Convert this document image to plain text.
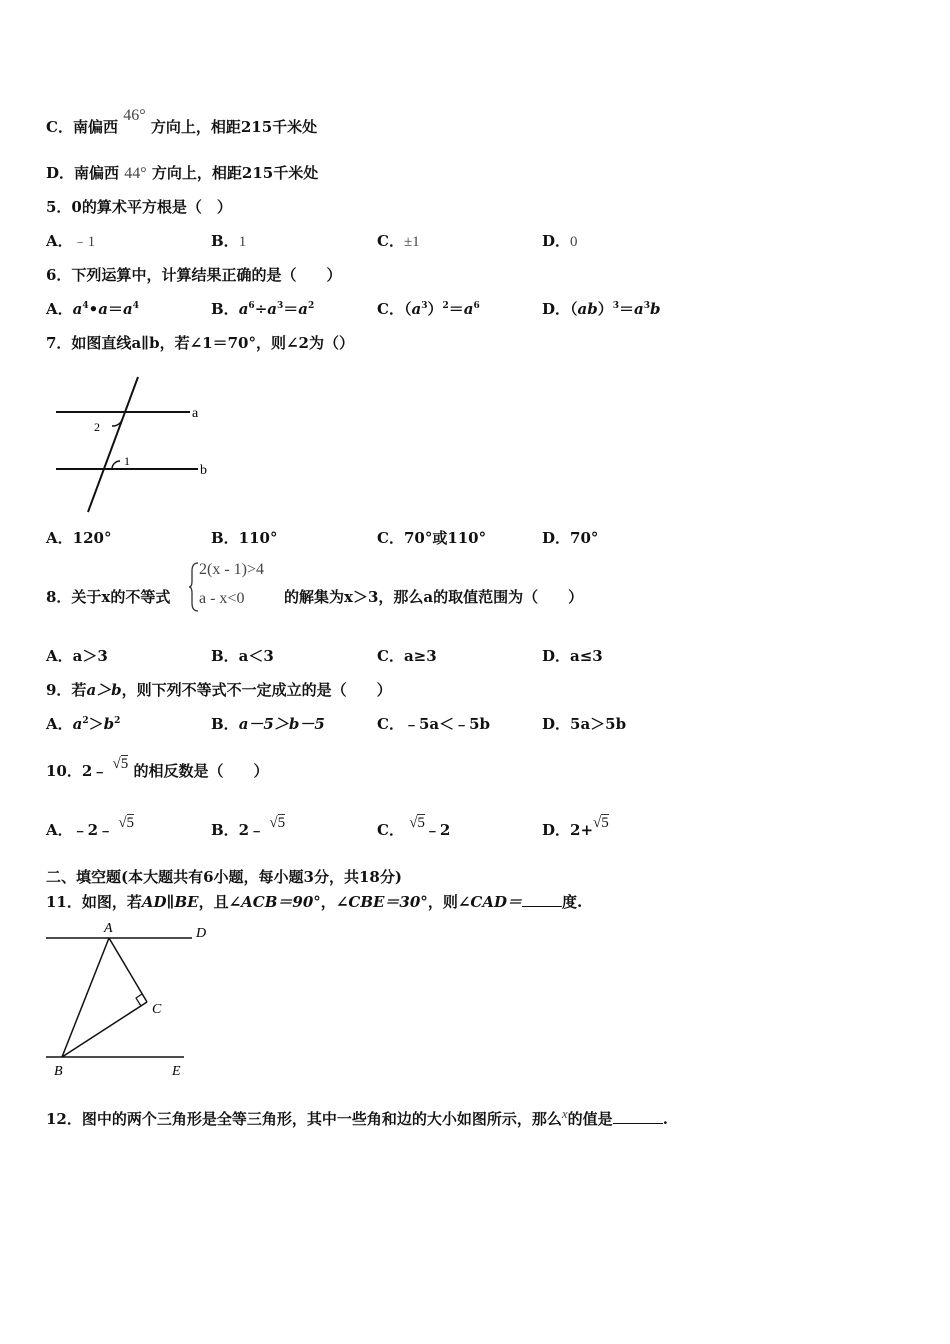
C．南偏西 46° 方向上，相距215千米处
D．南偏西 44° 方向上，相距215千米处
5．0的算术平方根是（　）
A．﹣1	B．1	C．±1	D．0
6．下列运算中，计算结果正确的是（　　）
A．$a^4•a=a^4$	B．$a^6\div a^3=a^2$	C．$(a^3)^2=a^6$	D．$(ab)^3=a^3b$
7．如图直线a∥b，若∠1＝70°，则∠2为（）
a
b
1
2
A．120°	B．110°	C．70°或110°	D．70°
8．关于x的不等式
2(x - 1)>4
a - x<0	的解集为x＞3，那么a的取值范围为（　　）
A．a＞3	B．a＜3	C．a≥3	D．a≤3
9．若a＞b，则下列不等式不一定成立的是（　　）
A．$a^2>b^2$	B．a－5＞b－5	C．﹣5a＜﹣5b	D．5a＞5b
10．2﹣ √5 的相反数是（　　）
A．﹣2﹣ √5	B．2﹣ √5	C． √5﹣2	D．2+√5
二、填空题(本大题共有6小题，每小题3分，共18分)
11．如图，若AD∥BE，且∠ACB＝90°，∠CBE＝30°，则∠CAD＝	度.
A	D
C
B	E
12．图中的两个三角形是全等三角形，其中一些角和边的大小如图所示，那么x的值是	.
